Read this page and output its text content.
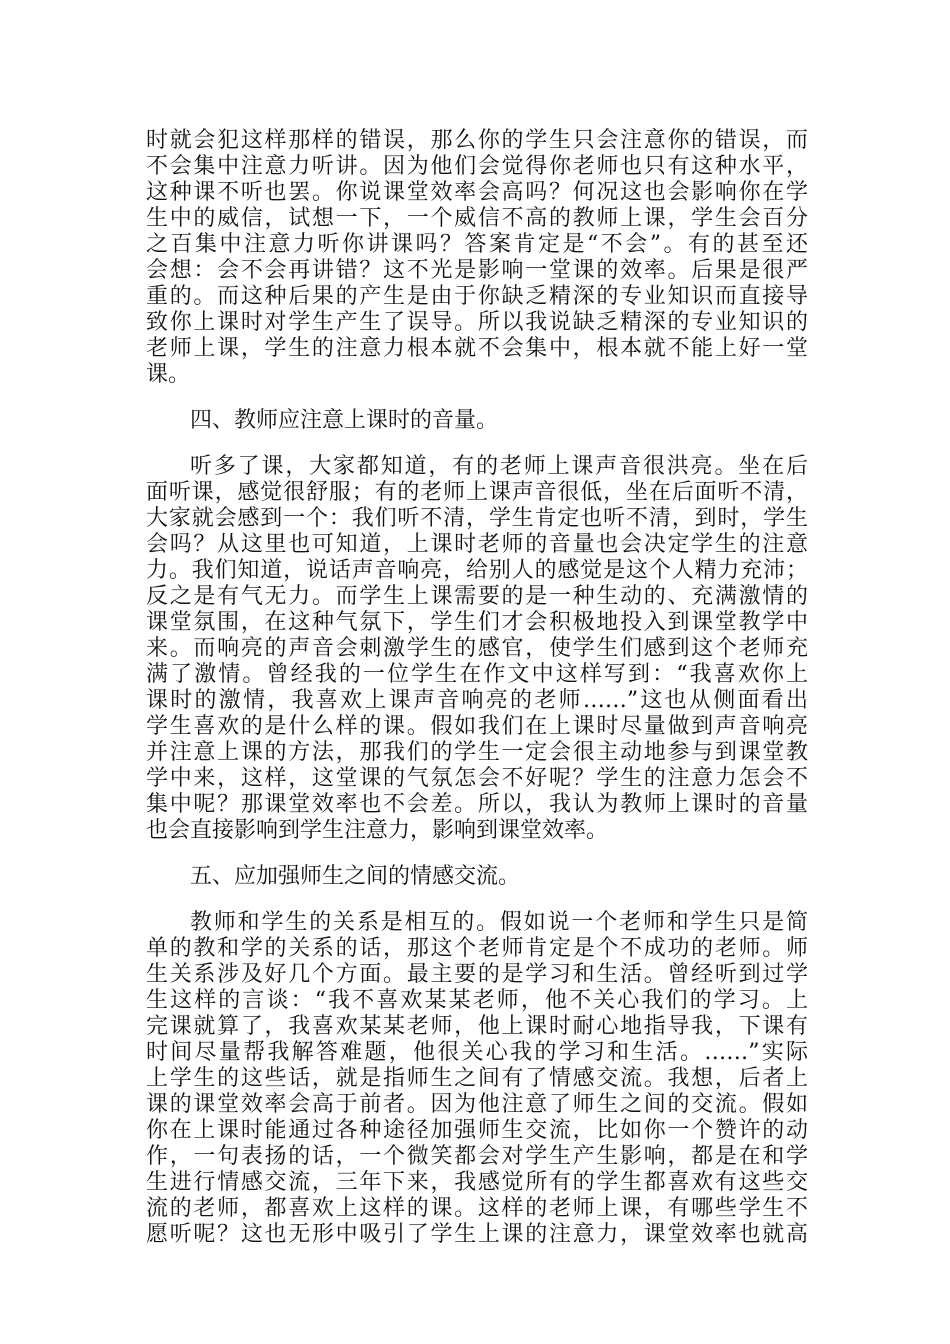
时就会犯这样那样的错误，那么你的学生只会注意你的错误，而
不会集中注意力听讲。因为他们会觉得你老师也只有这种水平，
这种课不听也罢。你说课堂效率会高吗？何况这也会影响你在学
生中的威信，试想一下，一个威信不高的教师上课，学生会百分
之百集中注意力听你讲课吗？答案肯定是“不会”。有的甚至还
会想：会不会再讲错？这不光是影响一堂课的效率。后果是很严
重的。而这种后果的产生是由于你缺乏精深的专业知识而直接导
致你上课时对学生产生了误导。所以我说缺乏精深的专业知识的
老师上课，学生的注意力根本就不会集中，根本就不能上好一堂
课。
四、教师应注意上课时的音量。
听多了课，大家都知道，有的老师上课声音很洪亮。坐在后
面听课，感觉很舒服；有的老师上课声音很低，坐在后面听不清，
大家就会感到一个：我们听不清，学生肯定也听不清，到时，学生
会吗？从这里也可知道，上课时老师的音量也会决定学生的注意
力。我们知道，说话声音响亮，给别人的感觉是这个人精力充沛；
反之是有气无力。而学生上课需要的是一种生动的、充满激情的
课堂氛围，在这种气氛下，学生们才会积极地投入到课堂教学中
来。而响亮的声音会刺激学生的感官，使学生们感到这个老师充
满了激情。曾经我的一位学生在作文中这样写到：“我喜欢你上
课时的激情，我喜欢上课声音响亮的老师……”这也从侧面看出
学生喜欢的是什么样的课。假如我们在上课时尽量做到声音响亮
并注意上课的方法，那我们的学生一定会很主动地参与到课堂教
学中来，这样，这堂课的气氛怎会不好呢？学生的注意力怎会不
集中呢？那课堂效率也不会差。所以，我认为教师上课时的音量
也会直接影响到学生注意力，影响到课堂效率。
五、应加强师生之间的情感交流。
教师和学生的关系是相互的。假如说一个老师和学生只是简
单的教和学的关系的话，那这个老师肯定是个不成功的老师。师
生关系涉及好几个方面。最主要的是学习和生活。曾经听到过学
生这样的言谈：“我不喜欢某某老师，他不关心我们的学习。上
完课就算了，我喜欢某某老师，他上课时耐心地指导我，下课有
时间尽量帮我解答难题，他很关心我的学习和生活。……”实际
上学生的这些话，就是指师生之间有了情感交流。我想，后者上
课的课堂效率会高于前者。因为他注意了师生之间的交流。假如
你在上课时能通过各种途径加强师生交流，比如你一个赞许的动
作，一句表扬的话，一个微笑都会对学生产生影响，都是在和学
生进行情感交流，三年下来，我感觉所有的学生都喜欢有这些交
流的老师，都喜欢上这样的课。这样的老师上课，有哪些学生不
愿听呢？这也无形中吸引了学生上课的注意力，课堂效率也就高
